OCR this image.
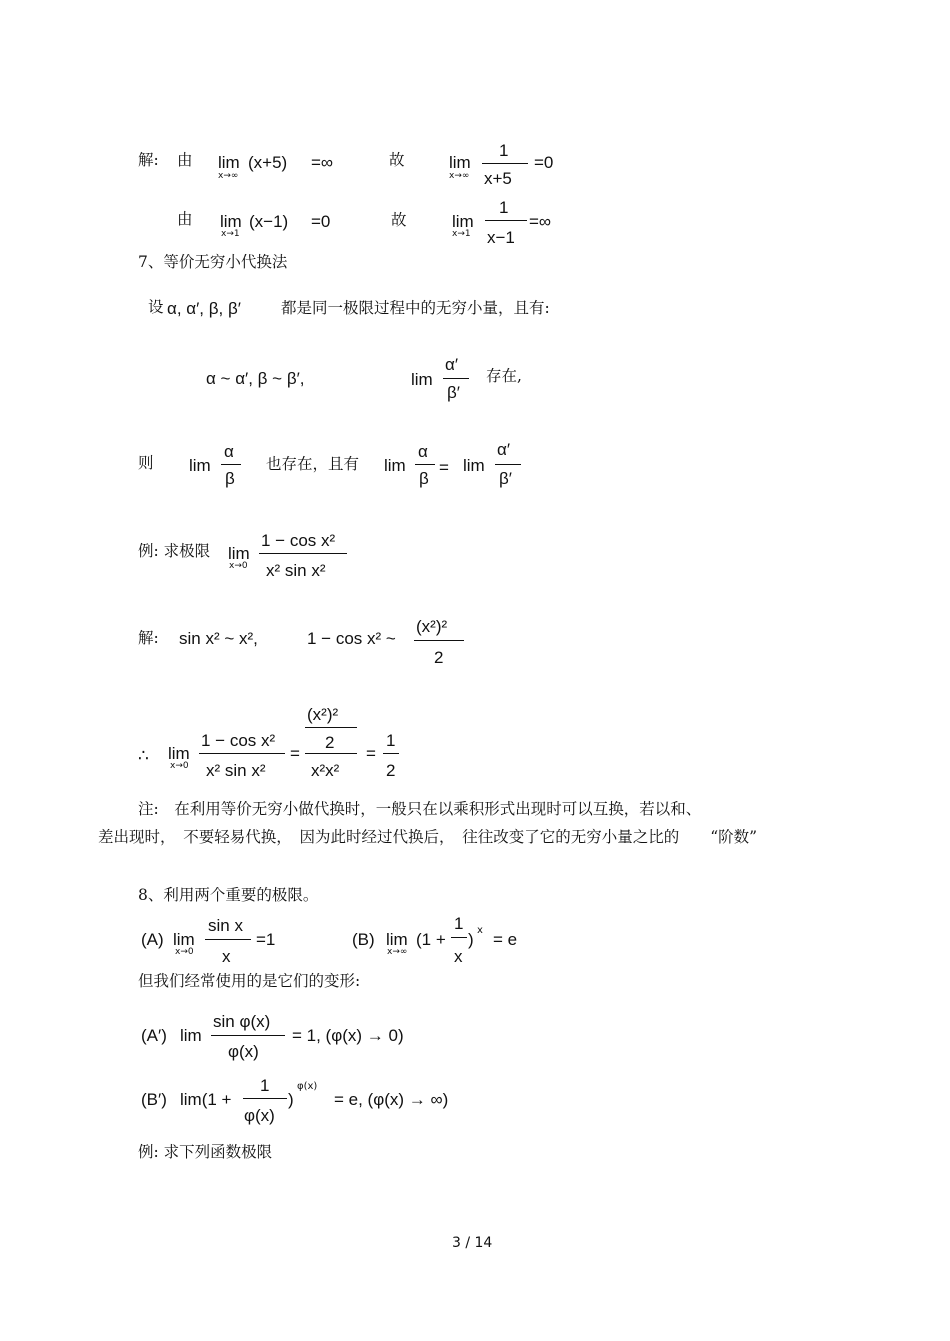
解: 由 lim
x→∞
(x+5) =∞	故	lim
x→∞
1
x+5
=0
由 lim
x→1
(x−1) =0	故	lim
x→1
1
x−1
=∞
7、等价无穷小代换法
设 α, α′, β, β′	都是同一极限过程中的无穷小量，且有:
α ~ α′, β ~ β′,	lim
α′
β′
存在,
则 lim
α
β
也存在，且有 lim
α
β
= lim
α′
β′
例: 求极限 lim
x→0
1 − cos x²
x² sin x²
解: sin x² ~ x²,	1 − cos x² ~
(x²)²
2
∴ lim
x→0
1 − cos x²
x² sin x²
=
(x²)²
2
x²x²
=
1
2
注:　在利用等价无穷小做代换时，一般只在以乘积形式出现时可以互换，若以和、
差出现时，　不要轻易代换，　因为此时经过代换后，　往往改变了它的无穷小量之比的　　“阶数”
8、利用两个重要的极限。
(A) lim
x→0
sin x
x
=1	(B) lim
x→∞
(1 +
1
x
) x = e
但我们经常使用的是它们的变形:
(A′) lim
sin φ(x)
φ(x)
= 1, (φ(x) → 0)
(B′) lim(1 +
1
φ(x)
)
φ(x)
= e, (φ(x) → ∞)
例: 求下列函数极限
3 / 14
